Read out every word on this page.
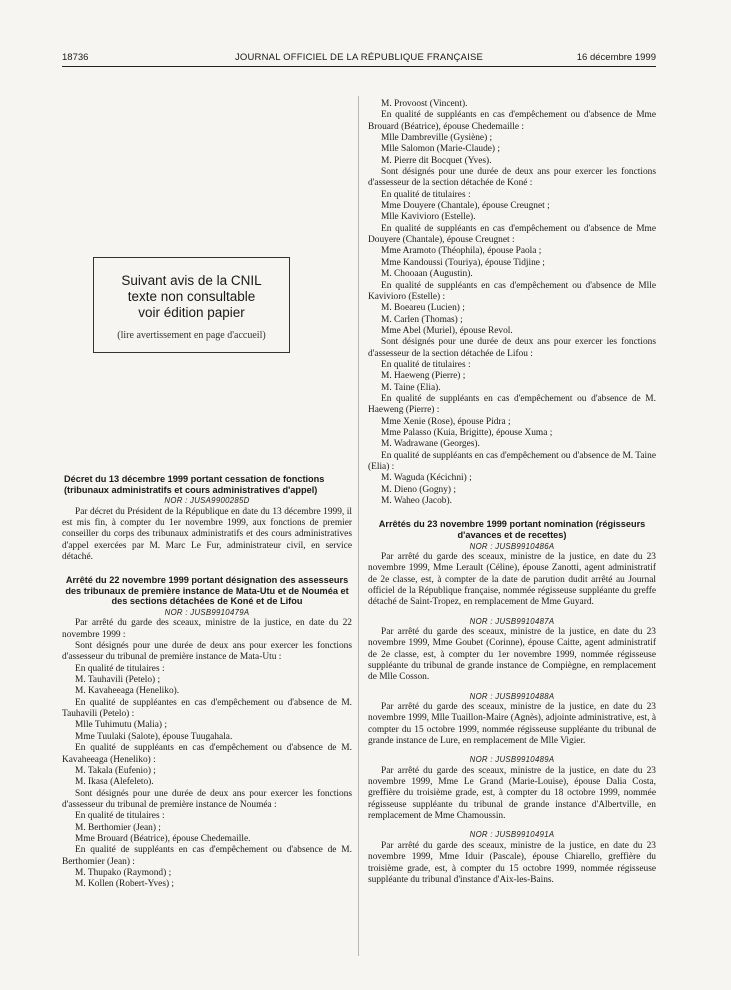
18736	JOURNAL OFFICIEL DE LA RÉPUBLIQUE FRANÇAISE	16 décembre 1999
Suivant avis de la CNIL
texte non consultable
voir édition papier
(lire avertissement en page d'accueil)

Décret du 13 décembre 1999 portant cessation de fonctions (tribunaux administratifs et cours administratives d'appel)

NOR : JUSA9900285D

Par décret du Président de la République en date du 13 décembre 1999, il est mis fin, à compter du 1er novembre 1999, aux fonctions de premier conseiller du corps des tribunaux administratifs et des cours administratives d'appel exercées par M. Marc Le Fur, administrateur civil, en service détaché.

Arrêté du 22 novembre 1999 portant désignation des assesseurs des tribunaux de première instance de Mata-Utu et de Nouméa et des sections détachées de Koné et de Lifou

NOR : JUSB9910479A

Par arrêté du garde des sceaux, ministre de la justice, en date du 22 novembre 1999 :

Sont désignés pour une durée de deux ans pour exercer les fonctions d'assesseur du tribunal de première instance de Mata-Utu :

En qualité de titulaires :

M. Tauhavili (Petelo) ;

M. Kavaheeaga (Heneliko).

En qualité de suppléantes en cas d'empêchement ou d'absence de M. Tauhavili (Petelo) :

Mlle Tuhimutu (Malia) ;

Mme Tuulaki (Salote), épouse Tuugahala.

En qualité de suppléants en cas d'empêchement ou d'absence de M. Kavaheeaga (Heneliko) :

M. Takala (Eufenio) ;

M. Ikasa (Alefeleto).

Sont désignés pour une durée de deux ans pour exercer les fonctions d'assesseur du tribunal de première instance de Nouméa :

En qualité de titulaires :

M. Berthomier (Jean) ;

Mme Brouard (Béatrice), épouse Chedemaille.

En qualité de suppléants en cas d'empêchement ou d'absence de M. Berthomier (Jean) :

M. Thupako (Raymond) ;

M. Kollen (Robert-Yves) ;

M. Provoost (Vincent).

En qualité de suppléants en cas d'empêchement ou d'absence de Mme Brouard (Béatrice), épouse Chedemaille :

Mlle Dambreville (Gysiène) ;

Mlle Salomon (Marie-Claude) ;

M. Pierre dit Bocquet (Yves).

Sont désignés pour une durée de deux ans pour exercer les fonctions d'assesseur de la section détachée de Koné :

En qualité de titulaires :

Mme Douyere (Chantale), épouse Creugnet ;

Mlle Kavivioro (Estelle).

En qualité de suppléants en cas d'empêchement ou d'absence de Mme Douyere (Chantale), épouse Creugnet :

Mme Aramoto (Théophila), épouse Paola ;

Mme Kandoussi (Touriya), épouse Tidjine ;

M. Chooaan (Augustin).

En qualité de suppléants en cas d'empêchement ou d'absence de Mlle Kavivioro (Estelle) :

M. Boeareu (Lucien) ;

M. Carlen (Thomas) ;

Mme Abel (Muriel), épouse Revol.

Sont désignés pour une durée de deux ans pour exercer les fonctions d'assesseur de la section détachée de Lifou :

En qualité de titulaires :

M. Haeweng (Pierre) ;

M. Taine (Elia).

En qualité de suppléants en cas d'empêchement ou d'absence de M. Haeweng (Pierre) :

Mme Xenie (Rose), épouse Pidra ;

Mme Palasso (Kuia, Brigitte), épouse Xuma ;

M. Wadrawane (Georges).

En qualité de suppléants en cas d'empêchement ou d'absence de M. Taine (Elia) :

M. Waguda (Kécichni) ;

M. Dieno (Gogny) ;

M. Waheo (Jacob).

Arrêtés du 23 novembre 1999 portant nomination (régisseurs d'avances et de recettes)

NOR : JUSB9910486A

Par arrêté du garde des sceaux, ministre de la justice, en date du 23 novembre 1999, Mme Lerault (Céline), épouse Zanotti, agent administratif de 2e classe, est, à compter de la date de parution dudit arrêté au Journal officiel de la République française, nommée régisseuse suppléante du greffe détaché de Saint-Tropez, en remplacement de Mme Guyard.

NOR : JUSB9910487A

Par arrêté du garde des sceaux, ministre de la justice, en date du 23 novembre 1999, Mme Goubet (Corinne), épouse Caitte, agent administratif de 2e classe, est, à compter du 1er novembre 1999, nommée régisseuse suppléante du tribunal de grande instance de Compiègne, en remplacement de Mlle Cosson.

NOR : JUSB9910488A

Par arrêté du garde des sceaux, ministre de la justice, en date du 23 novembre 1999, Mlle Tuaillon-Maire (Agnès), adjointe administrative, est, à compter du 15 octobre 1999, nommée régisseuse suppléante du tribunal de grande instance de Lure, en remplacement de Mlle Vigier.

NOR : JUSB9910489A

Par arrêté du garde des sceaux, ministre de la justice, en date du 23 novembre 1999, Mme Le Grand (Marie-Louise), épouse Dalia Costa, greffière du troisième grade, est, à compter du 18 octobre 1999, nommée régisseuse suppléante du tribunal de grande instance d'Albertville, en remplacement de Mme Chamoussin.

NOR : JUSB9910491A

Par arrêté du garde des sceaux, ministre de la justice, en date du 23 novembre 1999, Mme Iduir (Pascale), épouse Chiarello, greffière du troisième grade, est, à compter du 15 octobre 1999, nommée régisseuse suppléante du tribunal d'instance d'Aix-les-Bains.
